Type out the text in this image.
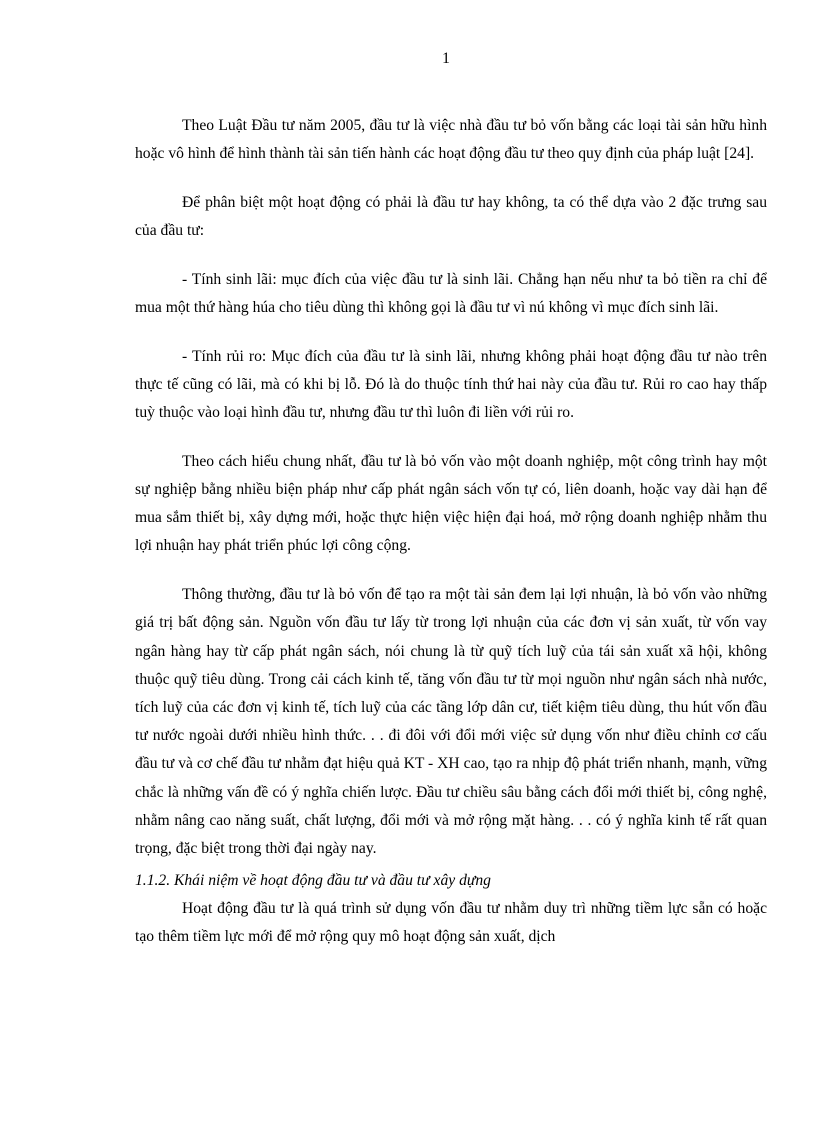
1

Theo Luật Đầu tư năm 2005, đầu tư là việc nhà đầu tư bỏ vốn bằng các loại tài sản hữu hình hoặc vô hình để hình thành tài sản tiến hành các hoạt động đầu tư theo quy định của pháp luật [24].

Để phân biệt một hoạt động có phải là đầu tư hay không, ta có thể dựa vào 2 đặc trưng sau của đầu tư:

- Tính sinh lãi: mục đích của việc đầu tư là sinh lãi. Chẳng hạn nếu như ta bỏ tiền ra chỉ để mua một thứ hàng húa cho tiêu dùng thì không gọi là đầu tư vì nú không vì mục đích sinh lãi.

- Tính rủi ro: Mục đích của đầu tư là sinh lãi, nhưng không phải hoạt động đầu tư nào trên thực tế cũng có lãi, mà có khi bị lỗ. Đó là do thuộc tính thứ hai này của đầu tư. Rủi ro cao hay thấp tuỳ thuộc vào loại hình đầu tư, nhưng đầu tư thì luôn đi liền với rủi ro.

Theo cách hiểu chung nhất, đầu tư là bỏ vốn vào một doanh nghiệp, một công trình hay một sự nghiệp bằng nhiều biện pháp như cấp phát ngân sách vốn tự có, liên doanh, hoặc vay dài hạn để mua sắm thiết bị, xây dựng mới, hoặc thực hiện việc hiện đại hoá, mở rộng doanh nghiệp nhằm thu lợi nhuận hay phát triển phúc lợi công cộng.

Thông thường, đầu tư là bỏ vốn để tạo ra một tài sản đem lại lợi nhuận, là bỏ vốn vào những giá trị bất động sản. Nguồn vốn đầu tư lấy từ trong lợi nhuận của các đơn vị sản xuất, từ vốn vay ngân hàng hay từ cấp phát ngân sách, nói chung là từ quỹ tích luỹ của tái sản xuất xã hội, không thuộc quỹ tiêu dùng. Trong cải cách kinh tế, tăng vốn đầu tư từ mọi nguồn như ngân sách nhà nước, tích luỹ của các đơn vị kinh tế, tích luỹ của các tầng lớp dân cư, tiết kiệm tiêu dùng, thu hút vốn đầu tư nước ngoài dưới nhiều hình thức. . . đi đôi với đổi mới việc sử dụng vốn như điều chỉnh cơ cấu đầu tư và cơ chế đầu tư nhằm đạt hiệu quả KT - XH cao, tạo ra nhịp độ phát triển nhanh, mạnh, vững chắc là những vấn đề có ý nghĩa chiến lược. Đầu tư chiều sâu bằng cách đổi mới thiết bị, công nghệ, nhằm nâng cao năng suất, chất lượng, đổi mới và mở rộng mặt hàng. . . có ý nghĩa kinh tế rất quan trọng, đặc biệt trong thời đại ngày nay.

1.1.2. Khái niệm về hoạt động đầu tư và đầu tư xây dựng

Hoạt động đầu tư là quá trình sử dụng vốn đầu tư nhằm duy trì những tiềm lực sẵn có hoặc tạo thêm tiềm lực mới để mở rộng quy mô hoạt động sản xuất, dịch
